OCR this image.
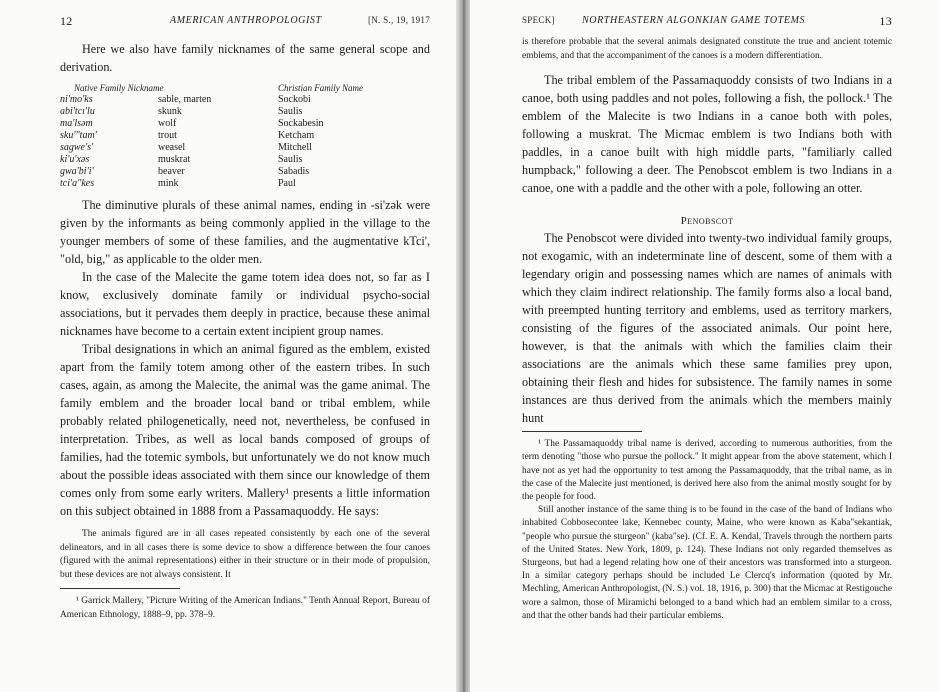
12	AMERICAN ANTHROPOLOGIST	[N. S., 19, 1917

Here we also have family nicknames of the same general scope and derivation.

Native Family Nickname		Christian Family Name
ni'mo'ks	sable, marten	Sockobi
abi'tcı'lu	skunk	Saulis
ma'lsəm	wolf	Sockabesin
sku'"tam'	trout	Ketcham
sagwe's'	weasel	Mitchell
ki'u'xəs	muskrat	Saulis
gwa'bi'i'	beaver	Sabadis
tci'a"kes	mink	Paul

The diminutive plurals of these animal names, ending in -si'zək were given by the informants as being commonly applied in the village to the younger members of some of these families, and the augmentative kTci', "old, big," as applicable to the older men.

In the case of the Malecite the game totem idea does not, so far as I know, exclusively dominate family or individual psycho-social associations, but it pervades them deeply in practice, because these animal nicknames have become to a certain extent incipient group names.

Tribal designations in which an animal figured as the emblem, existed apart from the family totem among other of the eastern tribes. In such cases, again, as among the Malecite, the animal was the game animal. The family emblem and the broader local band or tribal emblem, while probably related philogenetically, need not, nevertheless, be confused in interpretation. Tribes, as well as local bands composed of groups of families, had the totemic symbols, but unfortunately we do not know much about the possible ideas associated with them since our knowledge of them comes only from some early writers. Mallery¹ presents a little information on this subject obtained in 1888 from a Passamaquoddy. He says:

The animals figured are in all cases repeated consistently by each one of the several delineators, and in all cases there is some device to show a difference between the four canoes (figured with the animal representations) either in their structure or in their mode of propulsion, but these devices are not always consistent. It

¹ Garrick Mallery, "Picture Writing of the American Indians." Tenth Annual Report, Bureau of American Ethnology, 1888–9, pp. 378–9.

SPECK]	NORTHEASTERN ALGONKIAN GAME TOTEMS	13

is therefore probable that the several animals designated constitute the true and ancient totemic emblems, and that the accompaniment of the canoes is a modern differentiation.

The tribal emblem of the Passamaquoddy consists of two Indians in a canoe, both using paddles and not poles, following a fish, the pollock.¹ The emblem of the Malecite is two Indians in a canoe both with poles, following a muskrat. The Micmac emblem is two Indians both with paddles, in a canoe built with high middle parts, "familiarly called humpback," following a deer. The Penobscot emblem is two Indians in a canoe, one with a paddle and the other with a pole, following an otter.

Penobscot

The Penobscot were divided into twenty-two individual family groups, not exogamic, with an indeterminate line of descent, some of them with a legendary origin and possessing names which are names of animals with which they claim indirect relationship. The family forms also a local band, with preempted hunting territory and emblems, used as territory markers, consisting of the figures of the associated animals. Our point here, however, is that the animals with which the families claim their associations are the animals which these same families prey upon, obtaining their flesh and hides for subsistence. The family names in some instances are thus derived from the animals which the members mainly hunt

¹ The Passamaquoddy tribal name is derived, according to numerous authorities, from the term denoting "those who pursue the pollock." It might appear from the above statement, which I have not as yet had the opportunity to test among the Passamaquoddy, that the tribal name, as in the case of the Malecite just mentioned, is derived here also from the animal mostly sought for by the people for food.

Still another instance of the same thing is to be found in the case of the band of Indians who inhabited Cobbosecontee lake, Kennebec county, Maine, who were known as Kaba"sekantiak, "people who pursue the sturgeon" (kaba"se). (Cf. E. A. Kendal, Travels through the northern parts of the United States. New York, 1809, p. 124). These Indians not only regarded themselves as Sturgeons, but had a legend relating how one of their ancestors was transformed into a sturgeon. In a similar category perhaps should be included Le Clercq's information (quoted by Mr. Mechling, American Anthropologist, (N. S.) vol. 18, 1916, p. 300) that the Micmac at Restigouche wore a salmon, those of Miramichi belonged to a band which had an emblem similar to a cross, and that the other bands had their particular emblems.
